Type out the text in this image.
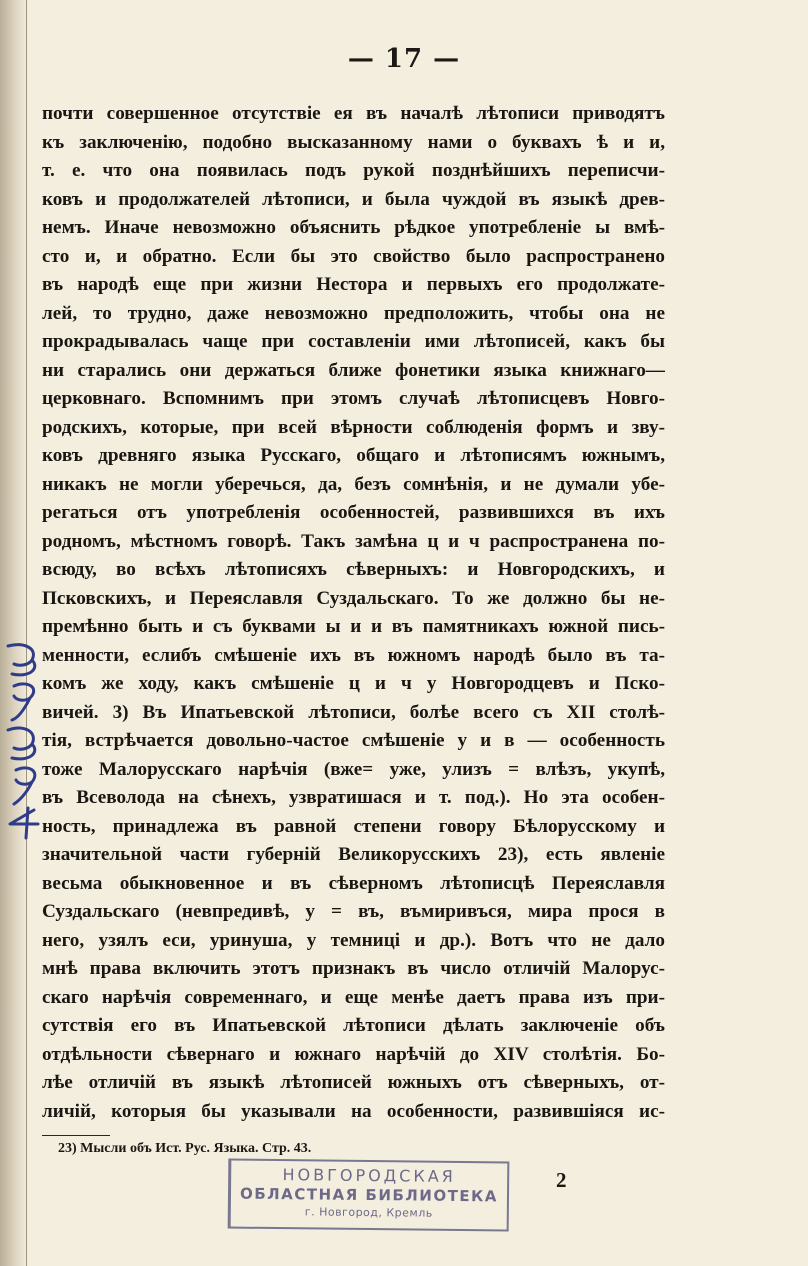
— 17 —
почти совершенное отсутствіе ея въ началѣ лѣтописи приводятъ
къ заключенію, подобно высказанному нами о буквахъ ѣ и и,
т. е. что она появилась подъ рукой позднѣйшихъ переписчи-
ковъ и продолжателей лѣтописи, и была чуждой въ языкѣ древ-
немъ. Иначе невозможно объяснить рѣдкое употребленіе ы вмѣ-
сто и, и обратно. Если бы это свойство было распространено
въ народѣ еще при жизни Нестора и первыхъ его продолжате-
лей, то трудно, даже невозможно предположить, чтобы она не
прокрадывалась чаще при составленіи ими лѣтописей, какъ бы
ни старались они держаться ближе фонетики языка книжнаго—
церковнаго. Вспомнимъ при этомъ случаѣ лѣтописцевъ Новго-
родскихъ, которые, при всей вѣрности соблюденія формъ и зву-
ковъ древняго языка Русскаго, общаго и лѣтописямъ южнымъ,
никакъ не могли уберечься, да, безъ сомнѣнія, и не думали убе-
регаться отъ употребленія особенностей, развившихся въ ихъ
родномъ, мѣстномъ говорѣ. Такъ замѣна ц и ч распространена по-
всюду, во всѣхъ лѣтописяхъ сѣверныхъ: и Новгородскихъ, и
Псковскихъ, и Переяславля Суздальскаго. То же должно бы не-
премѣнно быть и съ буквами ы и и въ памятникахъ южной пись-
менности, еслибъ смѣшеніе ихъ въ южномъ народѣ было въ та-
комъ же ходу, какъ смѣшеніе ц и ч у Новгородцевъ и Пско-
вичей. 3) Въ Ипатьевской лѣтописи, болѣе всего съ XII столѣ-
тія, встрѣчается довольно-частое смѣшеніе у и в — особенность
тоже Малорусскаго нарѣчія (вже= уже, улизъ = влѣзъ, укупѣ,
въ Всеволода на сѣнехъ, узвратишася и т. под.). Но эта особен-
ность, принадлежа въ равной степени говору Бѣлорусскому и
значительной части губерній Великорусскихъ 23), есть явленіе
весьма обыкновенное и въ сѣверномъ лѣтописцѣ Переяславля
Суздальскаго (невпредивѣ, у = въ, въмиривъся, мира прося в
него, узялъ еси, уринуша, у темницi и др.). Вотъ что не дало
мнѣ права включить этотъ признакъ въ число отличій Малорус-
скаго нарѣчія современнаго, и еще менѣе даетъ права изъ при-
сутствія его въ Ипатьевской лѣтописи дѣлать заключеніе объ
отдѣльности сѣвернаго и южнаго нарѣчій до XIV столѣтія. Бо-
лѣе отличій въ языкѣ лѣтописей южныхъ отъ сѣверныхъ, от-
личій, которыя бы указывали на особенности, развившіяся ис-
23) Мысли объ Ист. Рус. Языка. Стр. 43.
НОВГОРОДСКАЯ
ОБЛАСТНАЯ БИБЛИОТЕКА
г. Новгород, Кремль
2
